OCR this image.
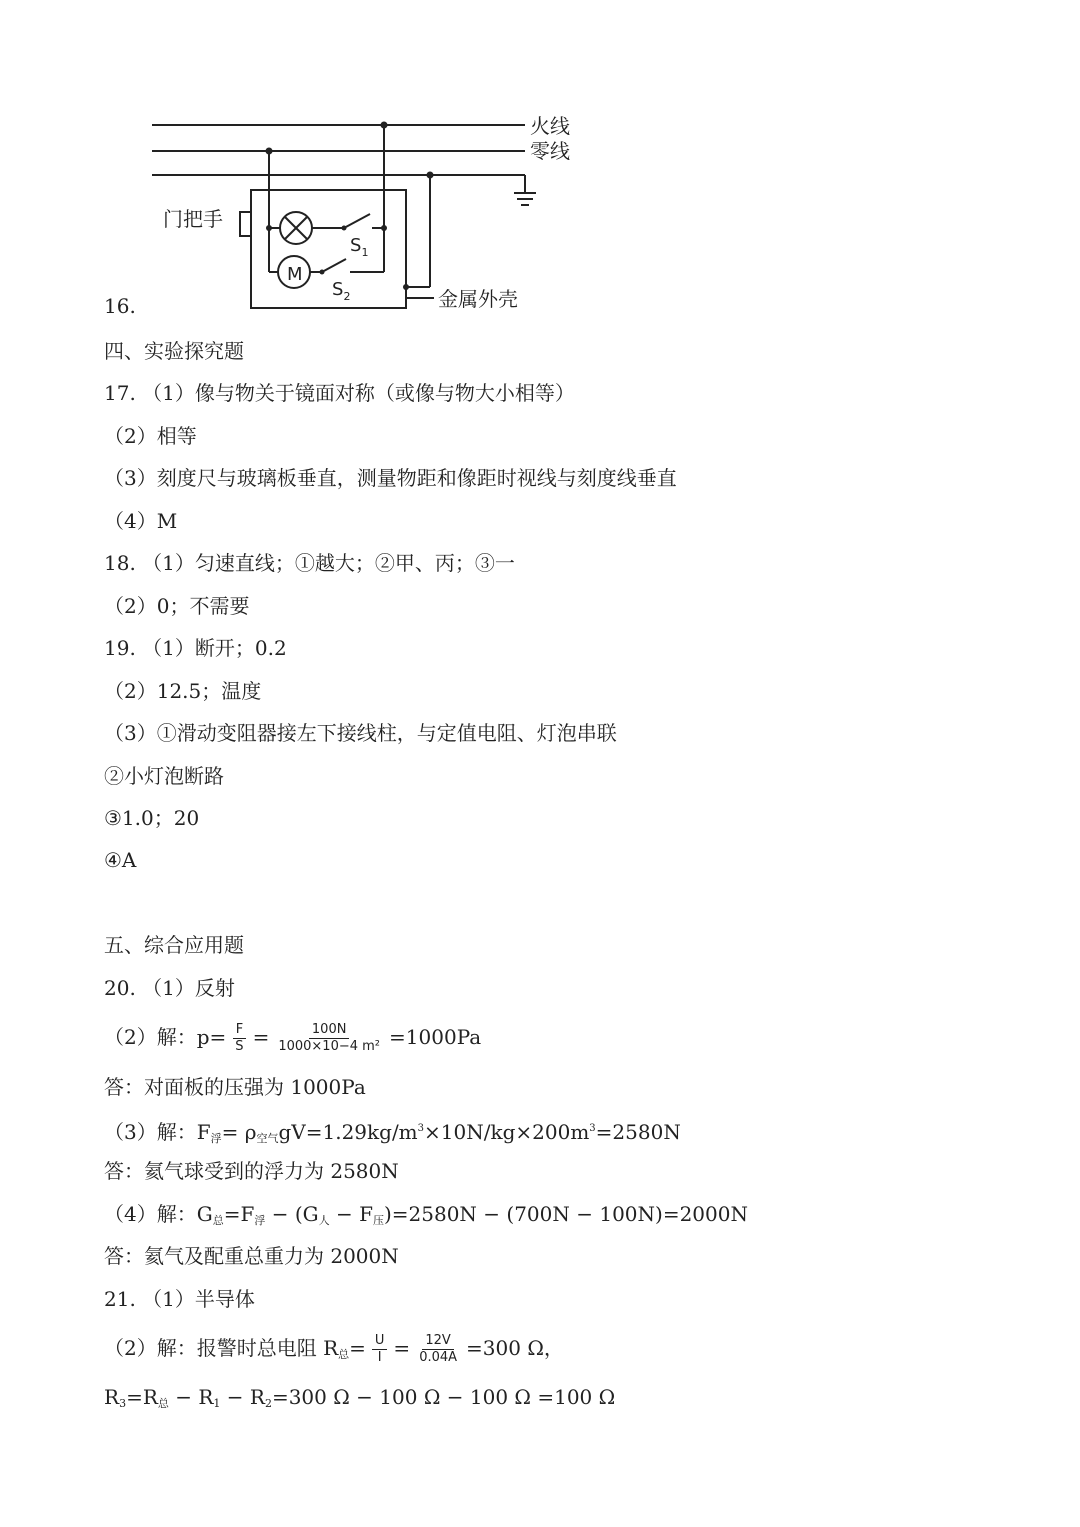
火线
零线
门把手
金属外壳
M
$S_1$
$S_2$
16.
四、实验探究题
17. （1）像与物关于镜面对称（或像与物大小相等）
（2）相等
（3）刻度尺与玻璃板垂直，测量物距和像距时视线与刻度线垂直
（4）M
18. （1）匀速直线；①越大；②甲、丙；③一
（2）0；不需要
19. （1）断开；0.2
（2）12.5；温度
（3）①滑动变阻器接左下接线柱，与定值电阻、灯泡串联
②小灯泡断路
③1.0；20
④A
五、综合应用题
20. （1）反射
（2）解：$p= \frac{F}{S} = \frac{100N}{\text{1000×10−4 m²}} =1000Pa$
答：对面板的压强为 1000Pa
（3）解：$F_浮= \rho_{空气}gV=1.29kg/m^3\times 10N/kg\times 200m^3=2580N$
答：氦气球受到的浮力为 2580N
（4）解：$G_总=F_浮 - (G_人 - F_压)=2580N - (700N - 100N)=2000N$
答：氦气及配重总重力为 2000N
21. （1）半导体
（2）解：报警时总电阻 $R_总= \frac{U}{I} = \frac{12V}{0.04A} =300$ Ω，
$R_3=R_总 - R_1 - R_2=300$ Ω − 100 Ω − 100 Ω =100 Ω
